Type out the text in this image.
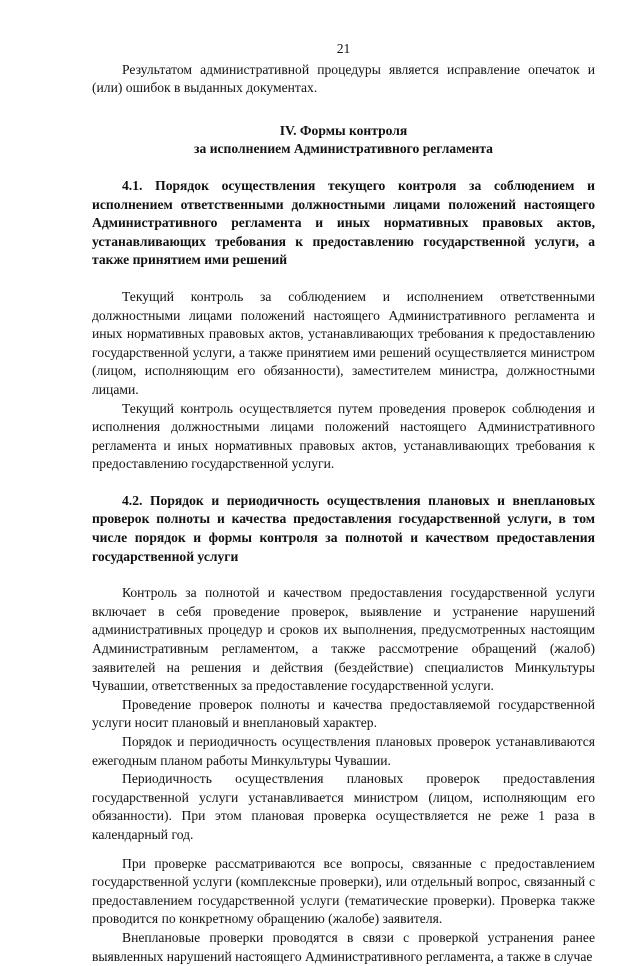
21

Результатом административной процедуры является исправление опечаток и (или) ошибок в выданных документах.

IV. Формы контроля
за исполнением Административного регламента

4.1. Порядок осуществления текущего контроля за соблюдением и исполнением ответственными должностными лицами положений настоящего Административного регламента и иных нормативных правовых актов, устанавливающих требования к предоставлению государственной услуги, а также принятием ими решений

Текущий контроль за соблюдением и исполнением ответственными должностными лицами положений настоящего Административного регламента и иных нормативных правовых актов, устанавливающих требования к предоставлению государственной услуги, а также принятием ими решений осуществляется министром (лицом, исполняющим его обязанности), заместителем министра, должностными лицами.

Текущий контроль осуществляется путем проведения проверок соблюдения и исполнения должностными лицами положений настоящего Административного регламента и иных нормативных правовых актов, устанавливающих требования к предоставлению государственной услуги.

4.2. Порядок и периодичность осуществления плановых и внеплановых проверок полноты и качества предоставления государственной услуги, в том числе порядок и формы контроля за полнотой и качеством предоставления государственной услуги

Контроль за полнотой и качеством предоставления государственной услуги включает в себя проведение проверок, выявление и устранение нарушений административных процедур и сроков их выполнения, предусмотренных настоящим Административным регламентом, а также рассмотрение обращений (жалоб) заявителей на решения и действия (бездействие) специалистов Минкультуры Чувашии, ответственных за предоставление государственной услуги.

Проведение проверок полноты и качества предоставляемой государственной услуги носит плановый и внеплановый характер.

Порядок и периодичность осуществления плановых проверок устанавливаются ежегодным планом работы Минкультуры Чувашии.

Периодичность осуществления плановых проверок предоставления государственной услуги устанавливается министром (лицом, исполняющим его обязанности). При этом плановая проверка осуществляется не реже 1 раза в календарный год.

При проверке рассматриваются все вопросы, связанные с предоставлением государственной услуги (комплексные проверки), или отдельный вопрос, связанный с предоставлением государственной услуги (тематические проверки). Проверка также проводится по конкретному обращению (жалобе) заявителя.

Внеплановые проверки проводятся в связи с проверкой устранения ранее выявленных нарушений настоящего Административного регламента, а также в случае
